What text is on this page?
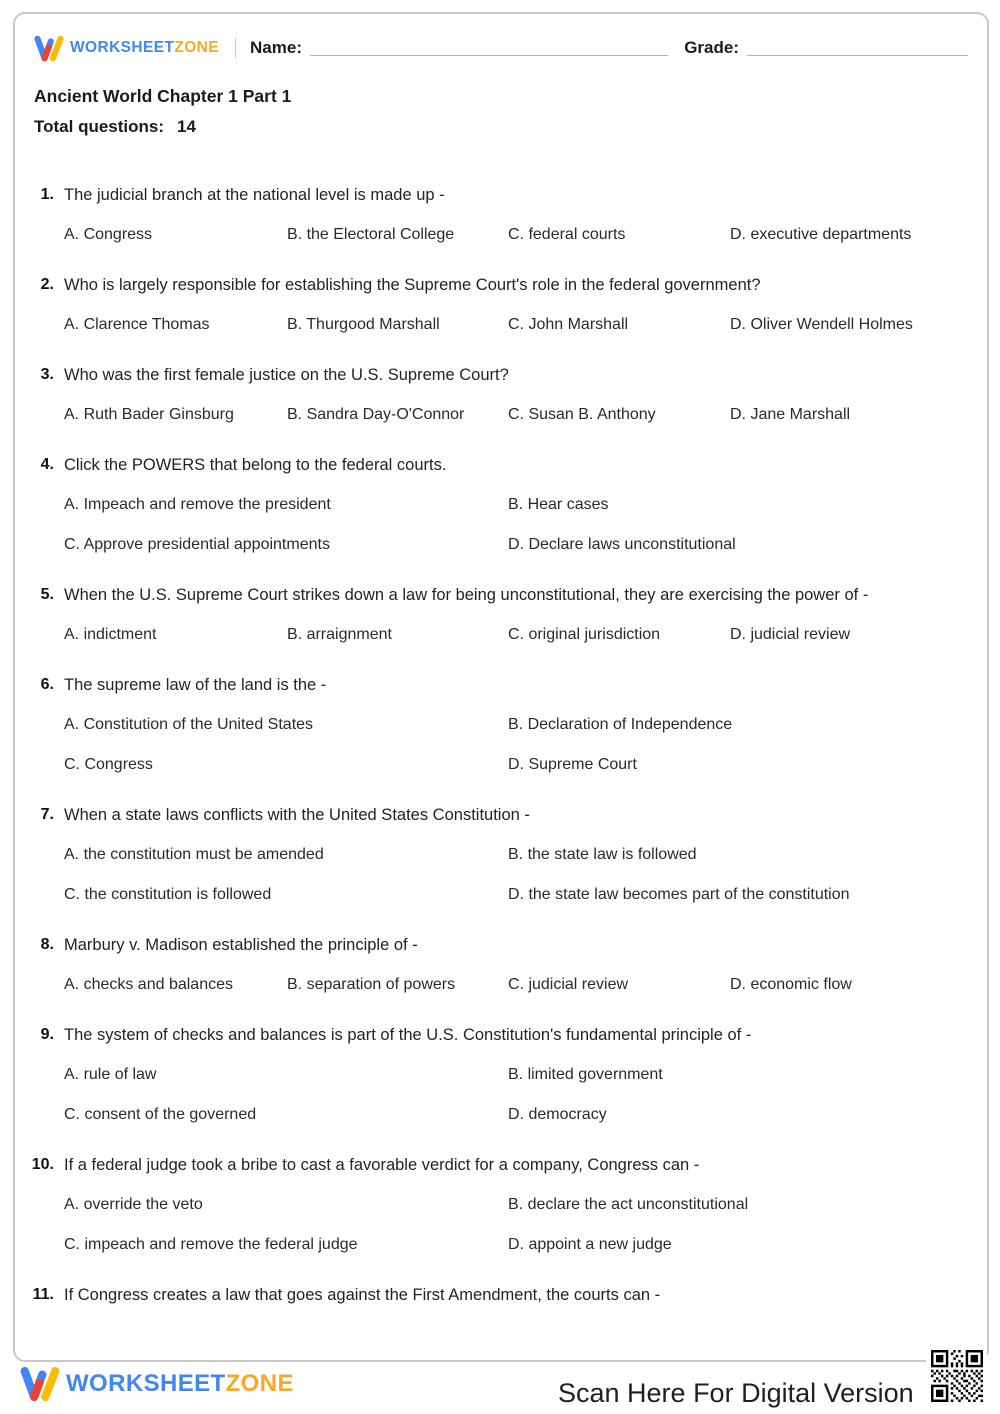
WORKSHEETZONE Name:	Grade:
Ancient World Chapter 1 Part 1
Total questions: 14
1. The judicial branch at the national level is made up -
A. Congress	B. the Electoral College	C. federal courts	D. executive departments
2. Who is largely responsible for establishing the Supreme Court's role in the federal government?
A. Clarence Thomas	B. Thurgood Marshall	C. John Marshall	D. Oliver Wendell Holmes
3. Who was the first female justice on the U.S. Supreme Court?
A. Ruth Bader Ginsburg	B. Sandra Day-O'Connor	C. Susan B. Anthony	D. Jane Marshall
4. Click the POWERS that belong to the federal courts.
A. Impeach and remove the president	B. Hear cases
C. Approve presidential appointments	D. Declare laws unconstitutional
5. When the U.S. Supreme Court strikes down a law for being unconstitutional, they are exercising the power of -
A. indictment	B. arraignment	C. original jurisdiction	D. judicial review
6. The supreme law of the land is the -
A. Constitution of the United States	B. Declaration of Independence
C. Congress	D. Supreme Court
7. When a state laws conflicts with the United States Constitution -
A. the constitution must be amended	B. the state law is followed
C. the constitution is followed	D. the state law becomes part of the constitution
8. Marbury v. Madison established the principle of -
A. checks and balances	B. separation of powers	C. judicial review	D. economic flow
9. The system of checks and balances is part of the U.S. Constitution's fundamental principle of -
A. rule of law	B. limited government
C. consent of the governed	D. democracy
10. If a federal judge took a bribe to cast a favorable verdict for a company, Congress can -
A. override the veto	B. declare the act unconstitutional
C. impeach and remove the federal judge	D. appoint a new judge
11. If Congress creates a law that goes against the First Amendment, the courts can -
WORKSHEETZONE	Scan Here For Digital Version
